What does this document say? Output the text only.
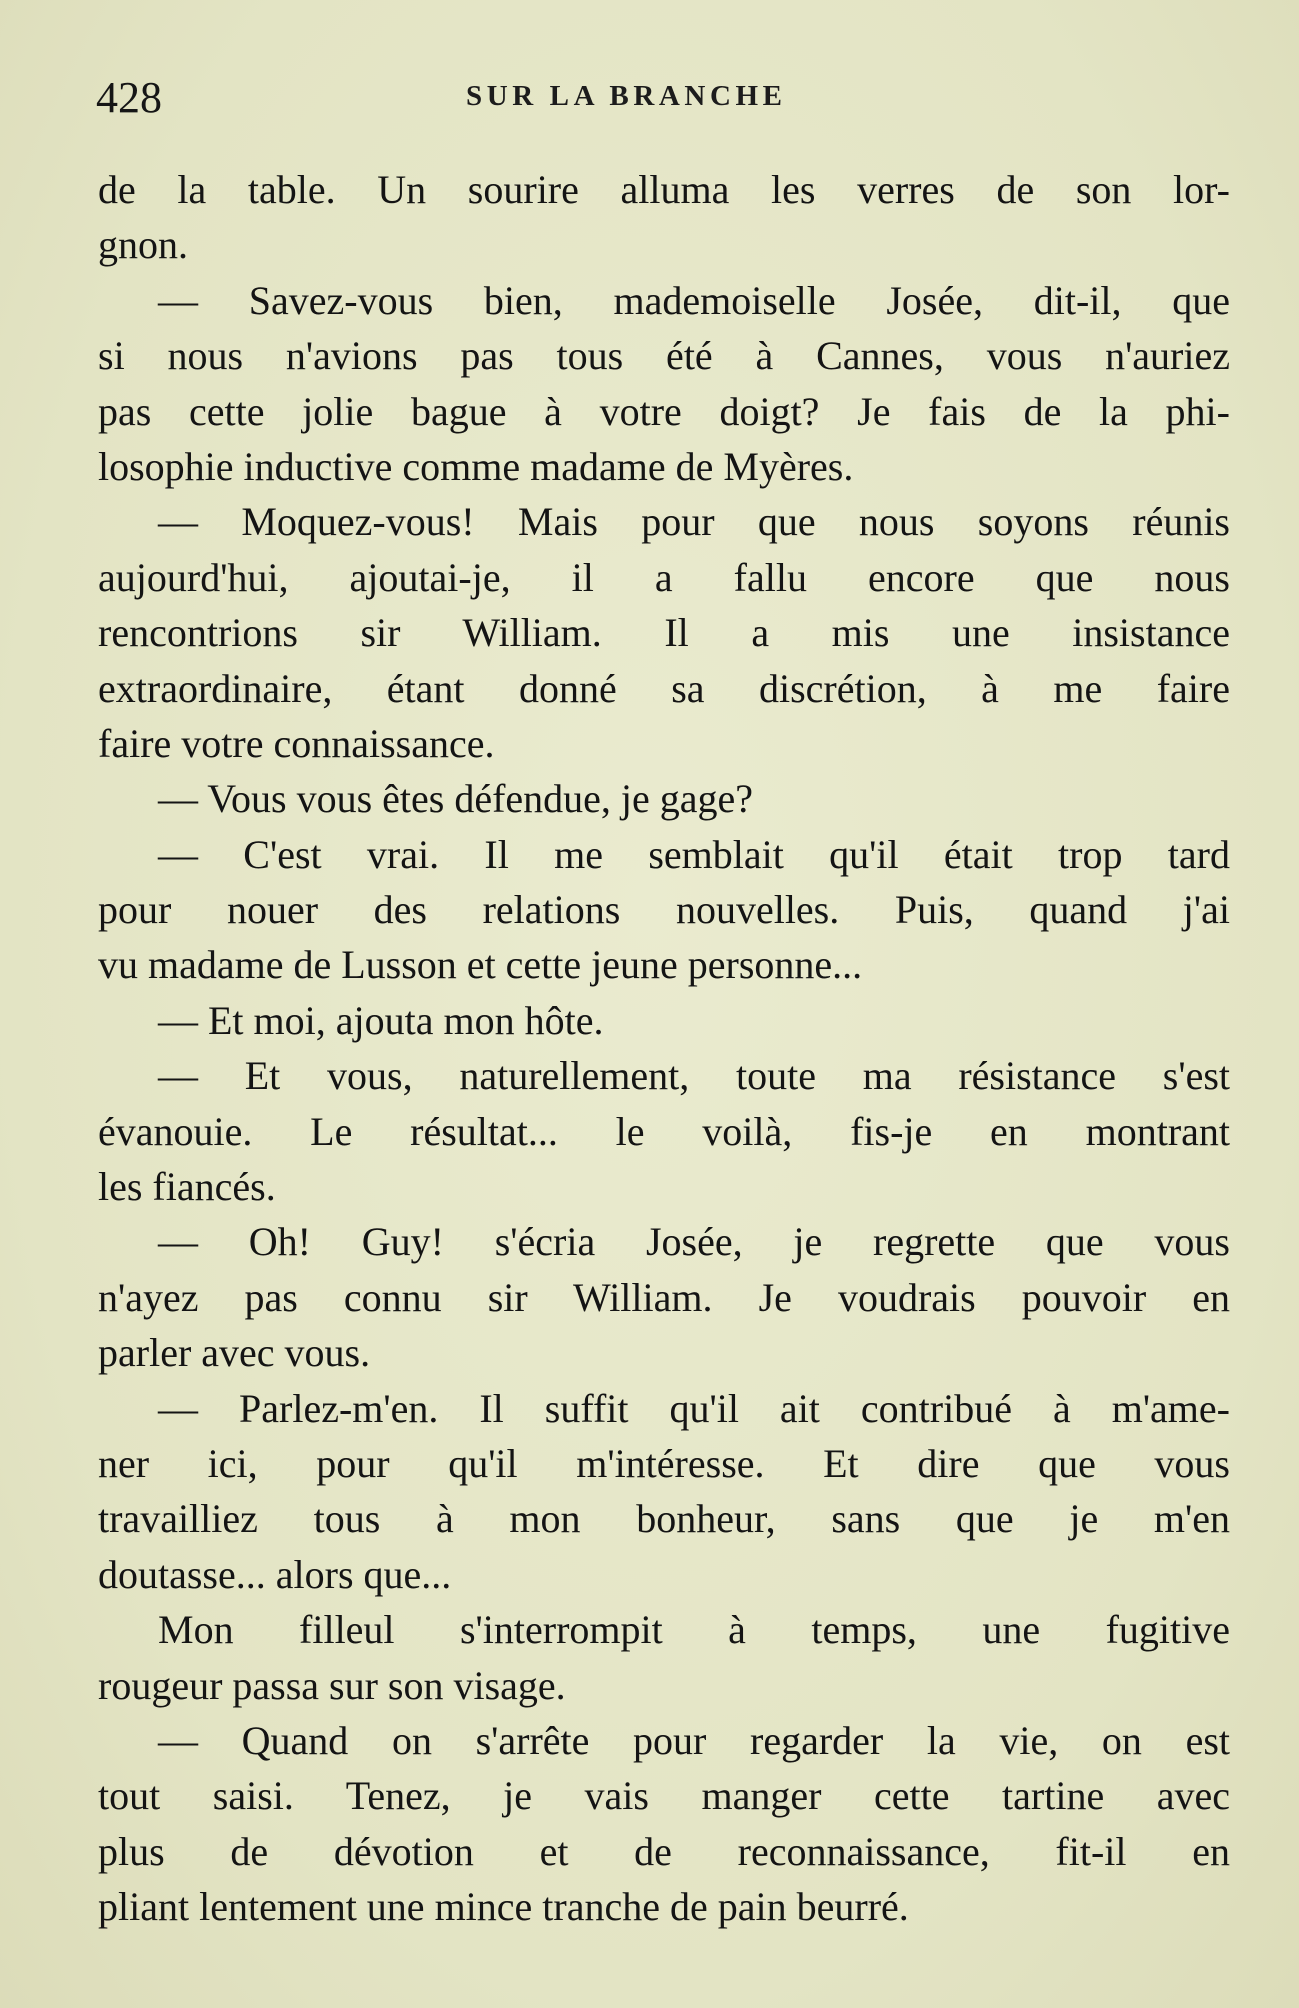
428	SUR LA BRANCHE
de la table. Un sourire alluma les verres de son lor-
gnon.
— Savez-vous bien, mademoiselle Josée, dit-il, que
si nous n'avions pas tous été à Cannes, vous n'auriez
pas cette jolie bague à votre doigt? Je fais de la phi-
losophie inductive comme madame de Myères.
— Moquez-vous! Mais pour que nous soyons réunis
aujourd'hui, ajoutai-je, il a fallu encore que nous
rencontrions sir William. Il a mis une insistance
extraordinaire, étant donné sa discrétion, à me faire
faire votre connaissance.
— Vous vous êtes défendue, je gage?
— C'est vrai. Il me semblait qu'il était trop tard
pour nouer des relations nouvelles. Puis, quand j'ai
vu madame de Lusson et cette jeune personne...
— Et moi, ajouta mon hôte.
— Et vous, naturellement, toute ma résistance s'est
évanouie. Le résultat... le voilà, fis-je en montrant
les fiancés.
— Oh! Guy! s'écria Josée, je regrette que vous
n'ayez pas connu sir William. Je voudrais pouvoir en
parler avec vous.
— Parlez-m'en. Il suffit qu'il ait contribué à m'ame-
ner ici, pour qu'il m'intéresse. Et dire que vous
travailliez tous à mon bonheur, sans que je m'en
doutasse... alors que...
Mon filleul s'interrompit à temps, une fugitive
rougeur passa sur son visage.
— Quand on s'arrête pour regarder la vie, on est
tout saisi. Tenez, je vais manger cette tartine avec
plus de dévotion et de reconnaissance, fit-il en
pliant lentement une mince tranche de pain beurré.
